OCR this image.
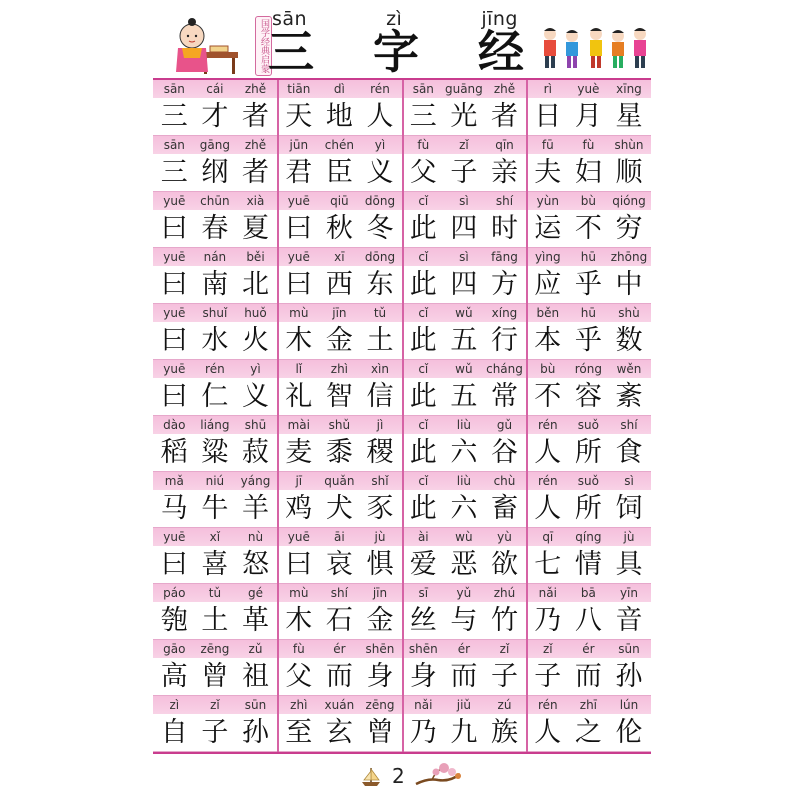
国学经典启蒙 sān	zì	jīng
三 字 经
sān	cái	zhě
三 才 者
tiān	dì	rén
天 地 人
sān guāng zhě
三 光 者
rì	yuè	xīng
日 月 星
sān	gāng	zhě
三 纲 者
jūn	chén	yì
君 臣 义
fù	zǐ	qīn
父 子 亲
fū	fù	shùn
夫 妇 顺
yuē	chūn	xià
曰 春 夏
yuē	qiū	dōng
曰 秋 冬
cǐ	sì	shí
此 四 时
yùn	bù	qióng
运 不 穷
yuē	nán	běi
曰 南 北
yuē	xī	dōng
曰 西 东
cǐ	sì	fāng
此 四 方
yìng	hū	zhōng
应 乎 中
yuē	shuǐ	huǒ
曰 水 火
mù	jīn	tǔ
木 金 土
cǐ	wǔ	xíng
此 五 行
běn	hū	shù
本 乎 数
yuē	rén	yì
曰 仁 义
lǐ	zhì	xìn
礼 智 信
cǐ	wǔ	cháng
此 五 常
bù	róng	wěn
不 容 紊
dào	liáng	shū
稻 粱 菽
mài	shǔ	jì
麦 黍 稷
cǐ	liù	gǔ
此 六 谷
rén	suǒ	shí
人 所 食
mǎ	niú	yáng
马 牛 羊
jī	quǎn	shǐ
鸡 犬 豕
cǐ	liù	chù
此 六 畜
rén	suǒ	sì
人 所 饲
yuē	xǐ	nù
曰 喜 怒
yuē	āi	jù
曰 哀 惧
ài	wù	yù
爱 恶 欲
qī	qíng	jù
七 情 具
páo	tǔ	gé
匏 土 革
mù	shí	jīn
木 石 金
sī	yǔ	zhú
丝 与 竹
nǎi	bā	yīn
乃 八 音
gāo	zēng	zǔ
高 曾 祖
fù	ér	shēn
父 而 身
shēn	ér	zǐ
身 而 子
zǐ	ér	sūn
子 而 孙
zì	zǐ	sūn
自 子 孙
zhì	xuán zēng
至 玄 曾
nǎi	jiǔ	zú
乃 九 族
rén	zhī	lún
人 之 伦
2
